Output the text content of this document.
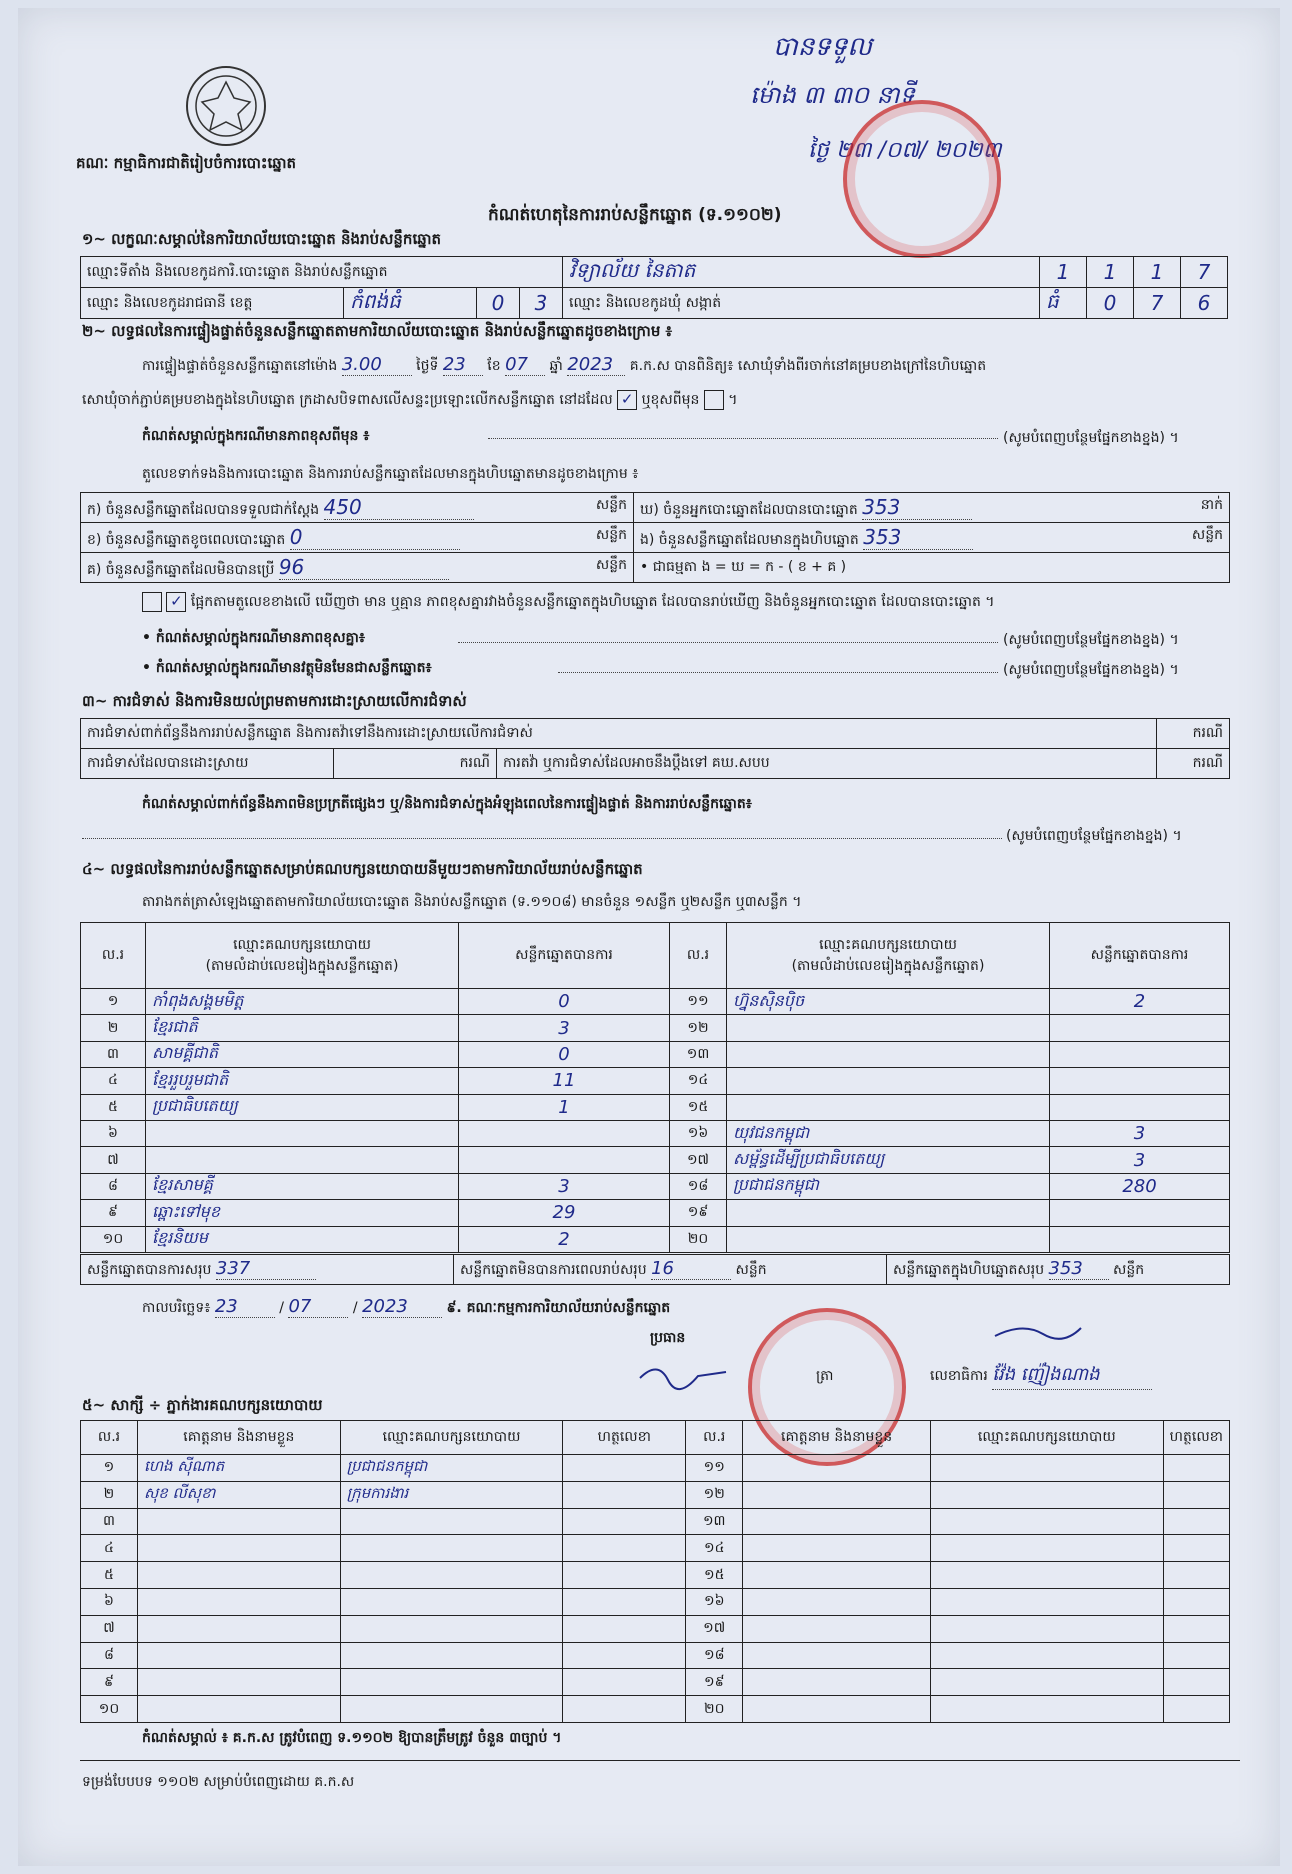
គណៈ កម្មាធិការជាតិរៀបចំការបោះឆ្នោត
បានទទួល
ម៉ោង ៣ ៣០ នាទី
ថ្ងៃ ២៣ /០៧/ ២០២៣
កំណត់ហេតុនៃការរាប់សន្លឹកឆ្នោត (ទ.១១០២)
១~ លក្ខណៈសម្គាល់នៃការិយាល័យបោះឆ្នោត និងរាប់សន្លឹកឆ្នោត
ឈ្មោះទីតាំង និងលេខកូដការិ.បោះឆ្នោត និងរាប់សន្លឹកឆ្នោត				វិទ្យាល័យ នៃតាត	1	1	1	7
ឈ្មោះ និងលេខកូដរាជធានី ខេត្ត	កំពង់ធំ	0	3	ឈ្មោះ និងលេខកូដឃុំ សង្កាត់	ធំ	0	7	6
២~ លទ្ធផលនៃការផ្ទៀងផ្ទាត់ចំនួនសន្លឹកឆ្នោតតាមការិយាល័យបោះឆ្នោត និងរាប់សន្លឹកឆ្នោតដូចខាងក្រោម ៖
ការផ្ទៀងផ្ទាត់ចំនួនសន្លឹកឆ្នោតនៅម៉ោង 3.00 ថ្ងៃទី 23 ខែ 07 ឆ្នាំ 2023 គ.ក.ស បានពិនិត្យ៖ សោឃុំទាំងពីរចាក់នៅគម្របខាងក្រៅនៃហិបឆ្នោត
សោឃុំចាក់ភ្ជាប់គម្របខាងក្នុងនៃហិបឆ្នោត ក្រដាសបិទពាសលើសន្ទះប្រឡោះលើកសន្លឹកឆ្នោត នៅដដែល ✓ ឬខុសពីមុន  ។
កំណត់សម្គាល់ក្នុងករណីមានភាពខុសពីមុន ៖	(សូមបំពេញបន្ថែមផ្នែកខាងខ្នង) ។
តួលេខទាក់ទងនិងការបោះឆ្នោត និងការរាប់សន្លឹកឆ្នោតដែលមានក្នុងហិបឆ្នោតមានដូចខាងក្រោម ៖
ក) ចំនួនសន្លឹកឆ្នោតដែលបានទទួលជាក់ស្តែង 450 សន្លឹក	ឃ) ចំនួនអ្នកបោះឆ្នោតដែលបានបោះឆ្នោត 353 នាក់

ខ) ចំនួនសន្លឹកឆ្នោតខូចពេលបោះឆ្នោត 0 សន្លឹក	ង) ចំនួនសន្លឹកឆ្នោតដែលមានក្នុងហិបឆ្នោត 353 សន្លឹក

គ) ចំនួនសន្លឹកឆ្នោតដែលមិនបានប្រើ 96 សន្លឹក	• ជាធម្មតា ង = ឃ = ក - ( ខ + គ )
✓ ផ្អែកតាមតួលេខខាងលើ ឃើញថា មាន ឬគ្មាន ភាពខុសគ្នារវាងចំនួនសន្លឹកឆ្នោតក្នុងហិបឆ្នោត ដែលបានរាប់ឃើញ និងចំនួនអ្នកបោះឆ្នោត ដែលបានបោះឆ្នោត ។
• កំណត់សម្គាល់ក្នុងករណីមានភាពខុសគ្នា៖	(សូមបំពេញបន្ថែមផ្នែកខាងខ្នង) ។
• កំណត់សម្គាល់ក្នុងករណីមានវត្ថុមិនមែនជាសន្លឹកឆ្នោត៖	(សូមបំពេញបន្ថែមផ្នែកខាងខ្នង) ។
៣~ ការជំទាស់ និងការមិនយល់ព្រមតាមការដោះស្រាយលើការជំទាស់
ការជំទាស់ពាក់ព័ន្ធនឹងការរាប់សន្លឹកឆ្នោត និងការតវ៉ាទៅនឹងការដោះស្រាយលើការជំទាស់			ករណី
ការជំទាស់ដែលបានដោះស្រាយ	ករណី	ការតវ៉ា ឬការជំទាស់ដែលអាចនឹងប្តឹងទៅ គឃ.សបប	ករណី
កំណត់សម្គាល់ពាក់ព័ន្ធនឹងភាពមិនប្រក្រតីផ្សេងៗ ឬ/និងការជំទាស់ក្នុងអំឡុងពេលនៃការផ្ទៀងផ្ទាត់ និងការរាប់សន្លឹកឆ្នោត៖
(សូមបំពេញបន្ថែមផ្នែកខាងខ្នង) ។
៤~ លទ្ធផលនៃការរាប់សន្លឹកឆ្នោតសម្រាប់គណបក្សនយោបាយនីមួយៗតាមការិយាល័យរាប់សន្លឹកឆ្នោត
តារាងកត់ត្រាសំឡេងឆ្នោតតាមការិយាល័យបោះឆ្នោត និងរាប់សន្លឹកឆ្នោត (ទ.១១០៨) មានចំនួន ១សន្លឹក ឬ២សន្លឹក ឬ៣សន្លឹក ។
ល.រ	ឈ្មោះគណបក្សនយោបាយ
(តាមលំដាប់លេខរៀងក្នុងសន្លឹកឆ្នោត)	សន្លឹកឆ្នោតបានការ	ល.រ	ឈ្មោះគណបក្សនយោបាយ
(តាមលំដាប់លេខរៀងក្នុងសន្លឹកឆ្នោត)	សន្លឹកឆ្នោតបានការ
១	កាំពុងសង្គមមិត្ត	0	១១	ហ្វ៊ុនស៊ិនប៉ិច	2
២	ខ្មែរជាតិ	3	១២		
៣	សាមគ្គីជាតិ	0	១៣		
៤	ខ្មែររួបរួមជាតិ	11	១៤		
៥	ប្រជាធិបតេយ្យ	1	១៥		
៦			១៦	យុវជនកម្ពុជា	3
៧			១៧	សម្ព័ន្ធដើម្បីប្រជាធិបតេយ្យ	3
៨	ខ្មែរសាមគ្គី	3	១៨	ប្រជាជនកម្ពុជា	280
៩	ឆ្ពោះទៅមុខ	29	១៩		
១០	ខ្មែរនិយម	2	២០		
សន្លឹកឆ្នោតបានការសរុប 337	សន្លឹកឆ្នោតមិនបានការពេលរាប់សរុប 16	សន្លឹក	សន្លឹកឆ្នោតក្នុងហិបឆ្នោតសរុប 353 សន្លឹក
កាលបរិច្ឆេទ៖ 23	/ 07	/ 2023	៩. គណៈកម្មការការិយាល័យរាប់សន្លឹកឆ្នោត
ប្រធាន
ត្រា	លេខាធិការ វ៉ែង ញ៉ៀងណាង
៥~ សាក្សី ÷ ភ្នាក់ងារគណបក្សនយោបាយ
ល.រ	គោត្តនាម និងនាមខ្លួន	ឈ្មោះគណបក្សនយោបាយ	ហត្ថលេខា	ល.រ	គោត្តនាម និងនាមខ្លួន	ឈ្មោះគណបក្សនយោបាយ	ហត្ថលេខា
១	ហេង ស៊ីណាត	ប្រជាជនកម្ពុជា		១១			
២	សុខ លីសុខា	ក្រុមការងារ		១២			
៣				១៣			
៤				១៤			
៥				១៥			
៦				១៦			
៧				១៧			
៨				១៨			
៩				១៩			
១០				២០			
កំណត់សម្គាល់ ៖ គ.ក.ស ត្រូវបំពេញ ទ.១១០២ ឱ្យបានត្រឹមត្រូវ ចំនួន ៣ច្បាប់ ។
ទម្រង់បែបបទ ១១០២ សម្រាប់បំពេញដោយ គ.ក.ស
